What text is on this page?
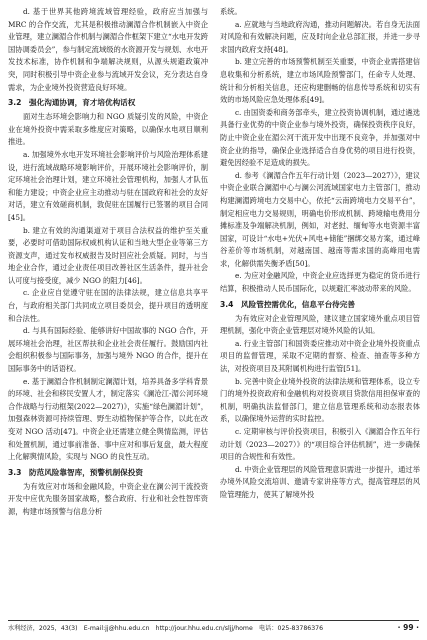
d. 基于世界其他跨境流域管理经验，政府应当加强与 MRC 的合作交流，尤其是积极推动澜湄合作机制嵌入中资企业管理，建立澜湄合作机制与澜湄合作框架下建立“水电开发跨国协调委员会”，参与制定流域级的水资源开发与规划、水电开发技术标准，协作机制和争端解决规则，从源头规避政策冲突，同时积极引导中资企业参与流域开发会议，充分表达自身需求，为企业境外投资营造良好环境。

3.2　强化沟通协调，育才培优构话权

面对生态环境会影响力和 NGO 质疑引发的风险，中资企业在境外投资中需采取多维度应对策略，以确保水电项目顺利推进。

a. 加强境外水电开发环境社会影响评价与风险治理体系建设，进行流域战略环境影响评价，开展环境社会影响评价，制定环境社会治理计划，建立环境社会管理机构，加强人才队伍和能力建设；中资企业应主动推动与驻在国政府和社会的友好对话，建立有效磋商机制，敦促驻在国履行已签署的项目合同[45]。

b. 建立有效的沟通渠道对于项目合法权益的维护至关重要，必要时可借助国际权威机构认证和当地大型企业等第三方资源支声，通过发布权威报告及时回应社会质疑。同时，与当地企业合作，通过企业责任项目改善社区生活条件，提升社会认可度与接受度，减少 NGO 的阻力[46]。

c. 企业应自觉遵守驻在国的法律法规，建立信息共享平台，与政府相关部门共同成立项目委员会，提升项目的透明度和合法性。

d. 与具有国际经验、能够讲好中国故事的 NGO 合作，开展环境社会治理，社区帮扶和企业社会责任履行。鼓励国内社会组织积极参与国际事务，加强与境外 NGO 的合作，提升在国际事务中的话语权。

e. 基于澜湄合作机制制定澜湄计划，培养具备多学科背景的环境、社会和移民安置人才，制定落实《澜沧江-湄公河环境合作战略与行动框架(2022—2027)》，实施“绿色澜湄计划”，加强森林资源可持续管理、野生动植物保护等合作，以此在改变对 NGO 活动[47]。中资企业还需建立健全舆情监测，评估和处置机制，通过事前准备、事中应对和事后复盘，最大程度上化解舆情风险，实现与 NGO 的良性互动。

3.3　防范风险靠智库，预警机制保投资

为有效应对市场和金融风险，中资企业在澜公河干流投资开发中应优先服务国家战略，整合政府、行业和社会性智库资源，构建市场预警与信息分析

系统。

a. 应就地与当地政府沟通，推动问题解决。若自身无法面对风险和有效解决问题，应及时向企业总部汇报，并进一步寻求国内政府支持[48]。

b. 建立完善的市场预警机制至关重要，中资企业需搭建信息收集和分析系统，建立市场风险预警部门，任命专人处理、统计和分析相关信息，还应构建删畅的信息传导系统和切实有效的市场风险应急处理体系[49]。

c. 由国资委和商务部牵头，建立投资协调机制，通过遴选具备行业优势的中资企业参与境外投资，确保投资秩序良好，防止中资企业在湄公河干流开发中出现不良竞争，并加强对中资企业的指导，确保企业选择适合自身优势的项目进行投资，避免因经验不足造成的损失。

d. 参考《澜湄合作五年行动计划（2023—2027）》，建议中资企业联合澜湄中心与澜公河流域国家电力主管部门，推动构建澜湄跨境电力交易中心，依托“云南跨境电力交易平台”，制定相应电力交易规则，明确电价形成机制、跨境输电费用分摊标准及争端解决机制，例如，对老挝、缅甸等水电资源丰富国家，可设计“水电+光伏+风电+储能”捆绑交易方案，通过峰谷差价等市场机制，对越南国、越南等需求国的高峰用电需求，化解供需失衡矛盾[50]。

e. 为应对金融风险，中资企业应选择更为稳定的货币进行结算，积极推动人民币国际化，以规避汇率波动带来的风险。

3.4　风险管控需优化，信息平台待完善

为有效应对企业管理风险，建议建立国家境外重点项目管理机制，强化中资企业管理层对境外风险的认知。

a. 行业主管部门和国资委应推动对中资企业境外投资重点项目的监督管理，采取不定期的督察、检查、抽查等多种方法，对投资项目及其附属机构进行监管[51]。

b. 完善中资企业境外投资的法律法规和管理体系，设立专门的境外投资政府和金融机构对投资项目贷款信用担保审查的机制，明确执法监督部门，建立信息管理系统和动态报表体系，以确保境外运营的实时监控。

c. 定期审核与评价投资项目，积极引入《澜湄合作五年行动计划（2023—2027）》的“项目综合评估机制”，进一步确保项目的合规性和有效性。

d. 中资企业管理层的风险管理意识需进一步提升，通过举办境外风险交流培训、邀请专家讲座等方式，提高管理层的风险管理能力，使其了解境外投

水利经济，2025，43(3)　E-mail:jj@hhu.edu.cn　http://jour.hhu.edu.cn/sljj/home　电话：025-83786376	· 99 ·
